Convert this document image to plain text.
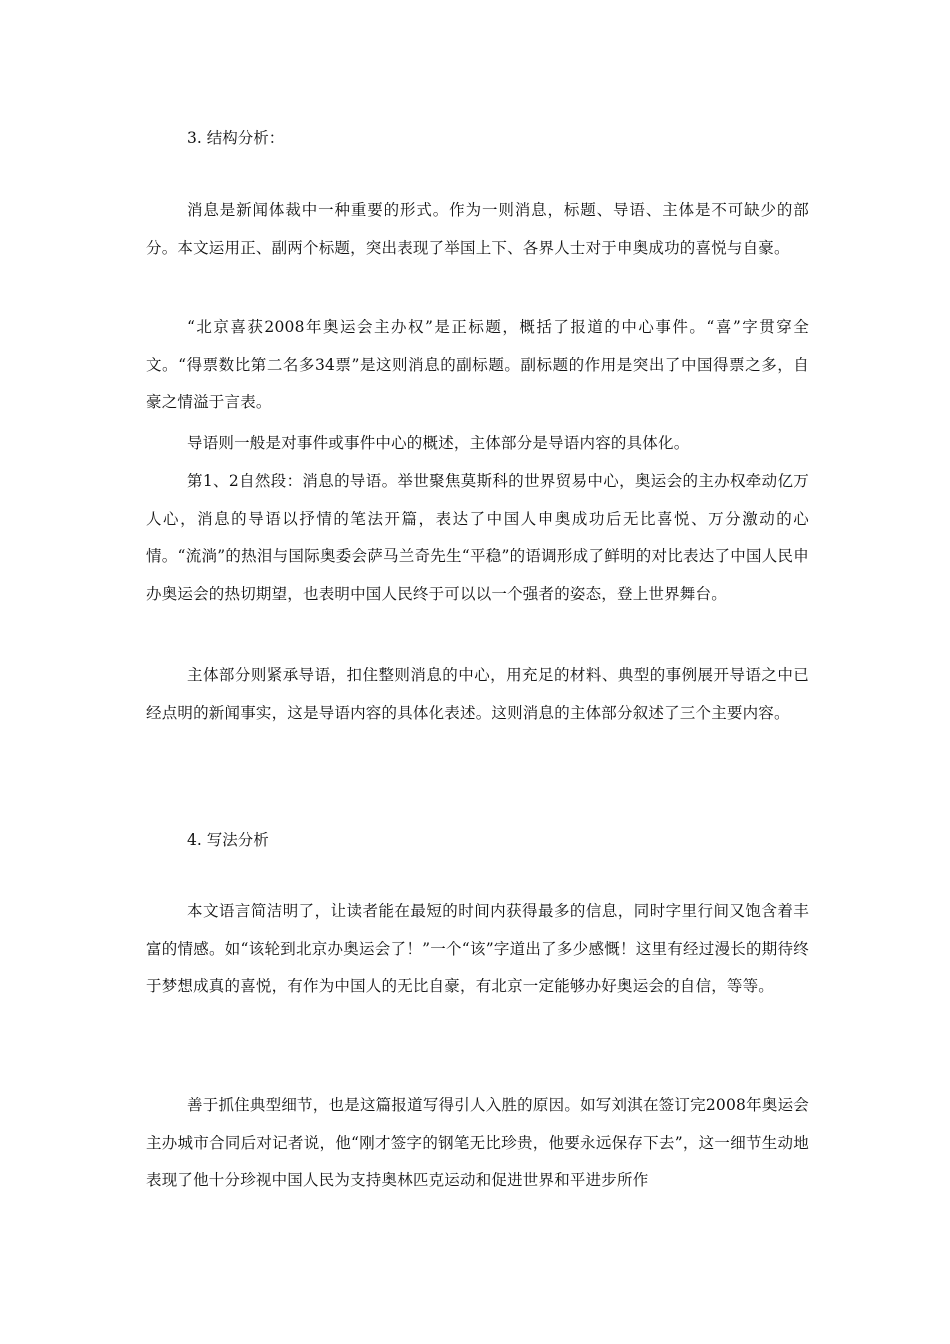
3. 结构分析：

消息是新闻体裁中一种重要的形式。作为一则消息，标题、导语、主体是不可缺少的部分。本文运用正、副两个标题，突出表现了举国上下、各界人士对于申奥成功的喜悦与自豪。

“北京喜获2008年奥运会主办权”是正标题，概括了报道的中心事件。“喜”字贯穿全文。“得票数比第二名多34票”是这则消息的副标题。副标题的作用是突出了中国得票之多，自豪之情溢于言表。

导语则一般是对事件或事件中心的概述，主体部分是导语内容的具体化。

第1、2自然段：消息的导语。举世聚焦莫斯科的世界贸易中心，奥运会的主办权牵动亿万人心，消息的导语以抒情的笔法开篇，表达了中国人申奥成功后无比喜悦、万分激动的心情。“流淌”的热泪与国际奥委会萨马兰奇先生“平稳”的语调形成了鲜明的对比表达了中国人民申办奥运会的热切期望，也表明中国人民终于可以以一个强者的姿态，登上世界舞台。

主体部分则紧承导语，扣住整则消息的中心，用充足的材料、典型的事例展开导语之中已经点明的新闻事实，这是导语内容的具体化表述。这则消息的主体部分叙述了三个主要内容。

4. 写法分析

本文语言简洁明了，让读者能在最短的时间内获得最多的信息，同时字里行间又饱含着丰富的情感。如“该轮到北京办奥运会了！”一个“该”字道出了多少感慨！这里有经过漫长的期待终于梦想成真的喜悦，有作为中国人的无比自豪，有北京一定能够办好奥运会的自信，等等。

善于抓住典型细节，也是这篇报道写得引人入胜的原因。如写刘淇在签订完2008年奥运会主办城市合同后对记者说，他“刚才签字的钢笔无比珍贵，他要永远保存下去”，这一细节生动地表现了他十分珍视中国人民为支持奥林匹克运动和促进世界和平进步所作
